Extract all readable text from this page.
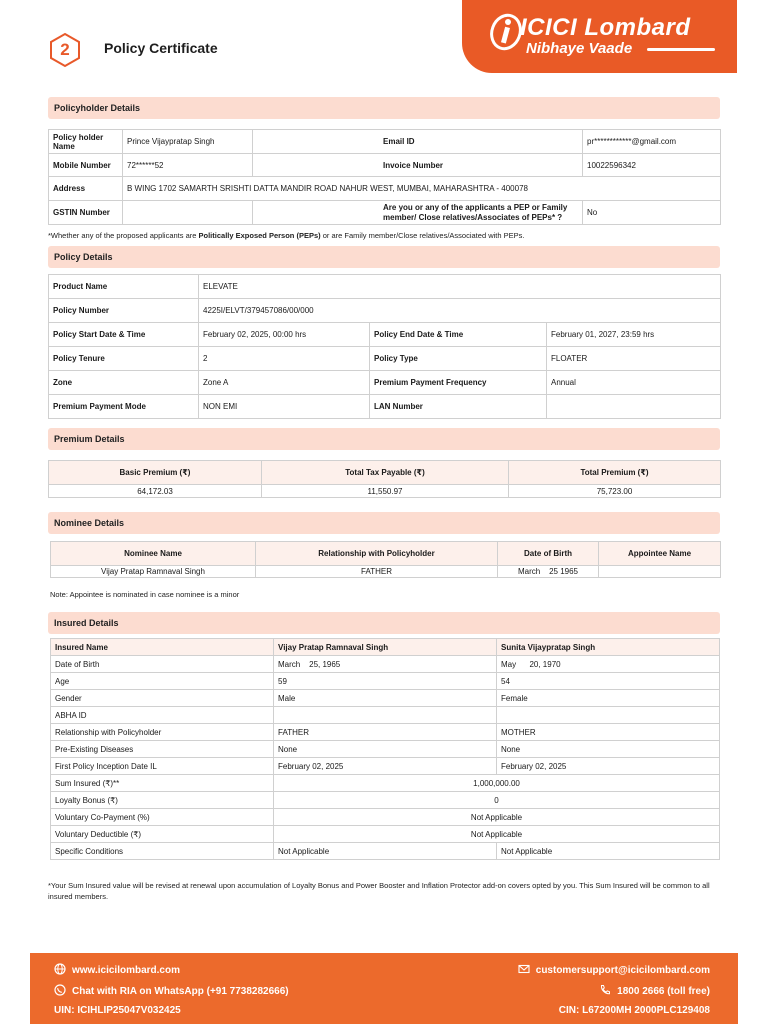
2	Policy Certificate
ICICI Lombard
Nibhaye Vaade
Policyholder Details
Policy holder Name	Prince Vijaypratap Singh	Email ID	pr************@gmail.com
Mobile Number	72******52	Invoice Number	10022596342
Address	B WING 1702 SAMARTH SRISHTI DATTA MANDIR ROAD NAHUR WEST, MUMBAI, MAHARASHTRA - 400078		
GSTIN Number		Are you or any of the applicants a PEP or Family member/ Close relatives/Associates of PEPs* ?	No
*Whether any of the proposed applicants are Politically Exposed Person (PEPs) or are Family member/Close relatives/Associated with PEPs.
Policy Details
Product Name	ELEVATE		
Policy Number	4225I/ELVT/379457086/00/000		
Policy Start Date & Time	February 02, 2025, 00:00 hrs	Policy End Date & Time	February 01, 2027, 23:59 hrs
Policy Tenure	2	Policy Type	FLOATER
Zone	Zone A	Premium Payment Frequency	Annual
Premium Payment Mode	NON EMI	LAN Number	
Premium Details
Basic Premium (₹)	Total Tax Payable (₹)	Total Premium (₹)
64,172.03	11,550.97	75,723.00
Nominee Details
Nominee Name	Relationship with Policyholder	Date of Birth	Appointee Name
Vijay Pratap Ramnaval Singh	FATHER	March    25 1965	
Note: Appointee is nominated in case nominee is a minor
Insured Details
Insured Name	Vijay Pratap Ramnaval Singh	Sunita Vijaypratap Singh
Date of Birth	March    25, 1965	May      20, 1970
Age	59	54
Gender	Male	Female
ABHA ID		
Relationship with Policyholder	FATHER	MOTHER
Pre-Existing Diseases	None	None
First Policy Inception Date IL	February 02, 2025	February 02, 2025
Sum Insured (₹)**	1,000,000.00	
Loyalty Bonus (₹)	0	
Voluntary Co-Payment (%)	Not Applicable	
Voluntary Deductible (₹)	Not Applicable	
Specific Conditions	Not Applicable	Not Applicable
*Your Sum Insured value will be revised at renewal upon accumulation of Loyalty Bonus and Power Booster and Inflation Protector add-on covers opted by you. This Sum Insured will be common to all insured members.
www.icicilombard.com
Chat with RIA on WhatsApp (+91 7738282666)
UIN: ICIHLIP25047V032425
customersupport@icicilombard.com
1800 2666 (toll free)
CIN: L67200MH 2000PLC129408
